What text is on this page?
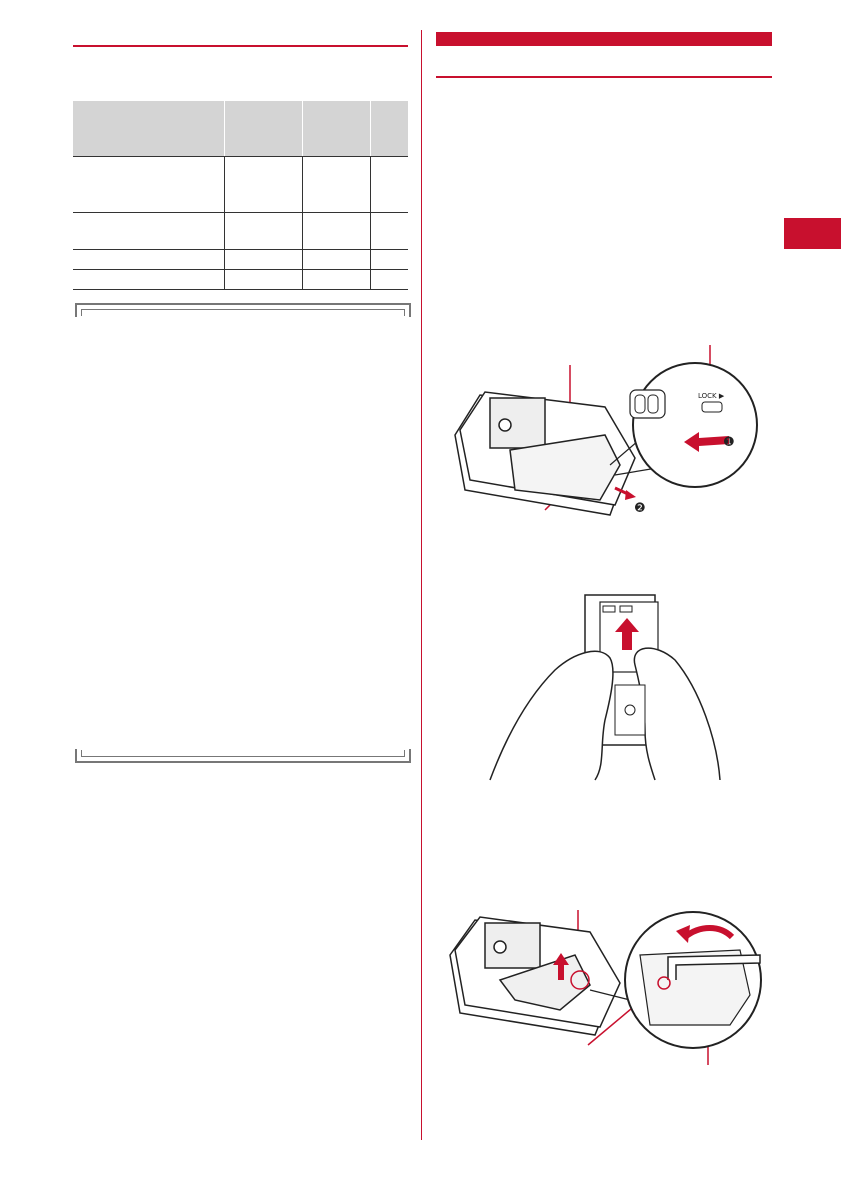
LOCK ▶
❶
❷
